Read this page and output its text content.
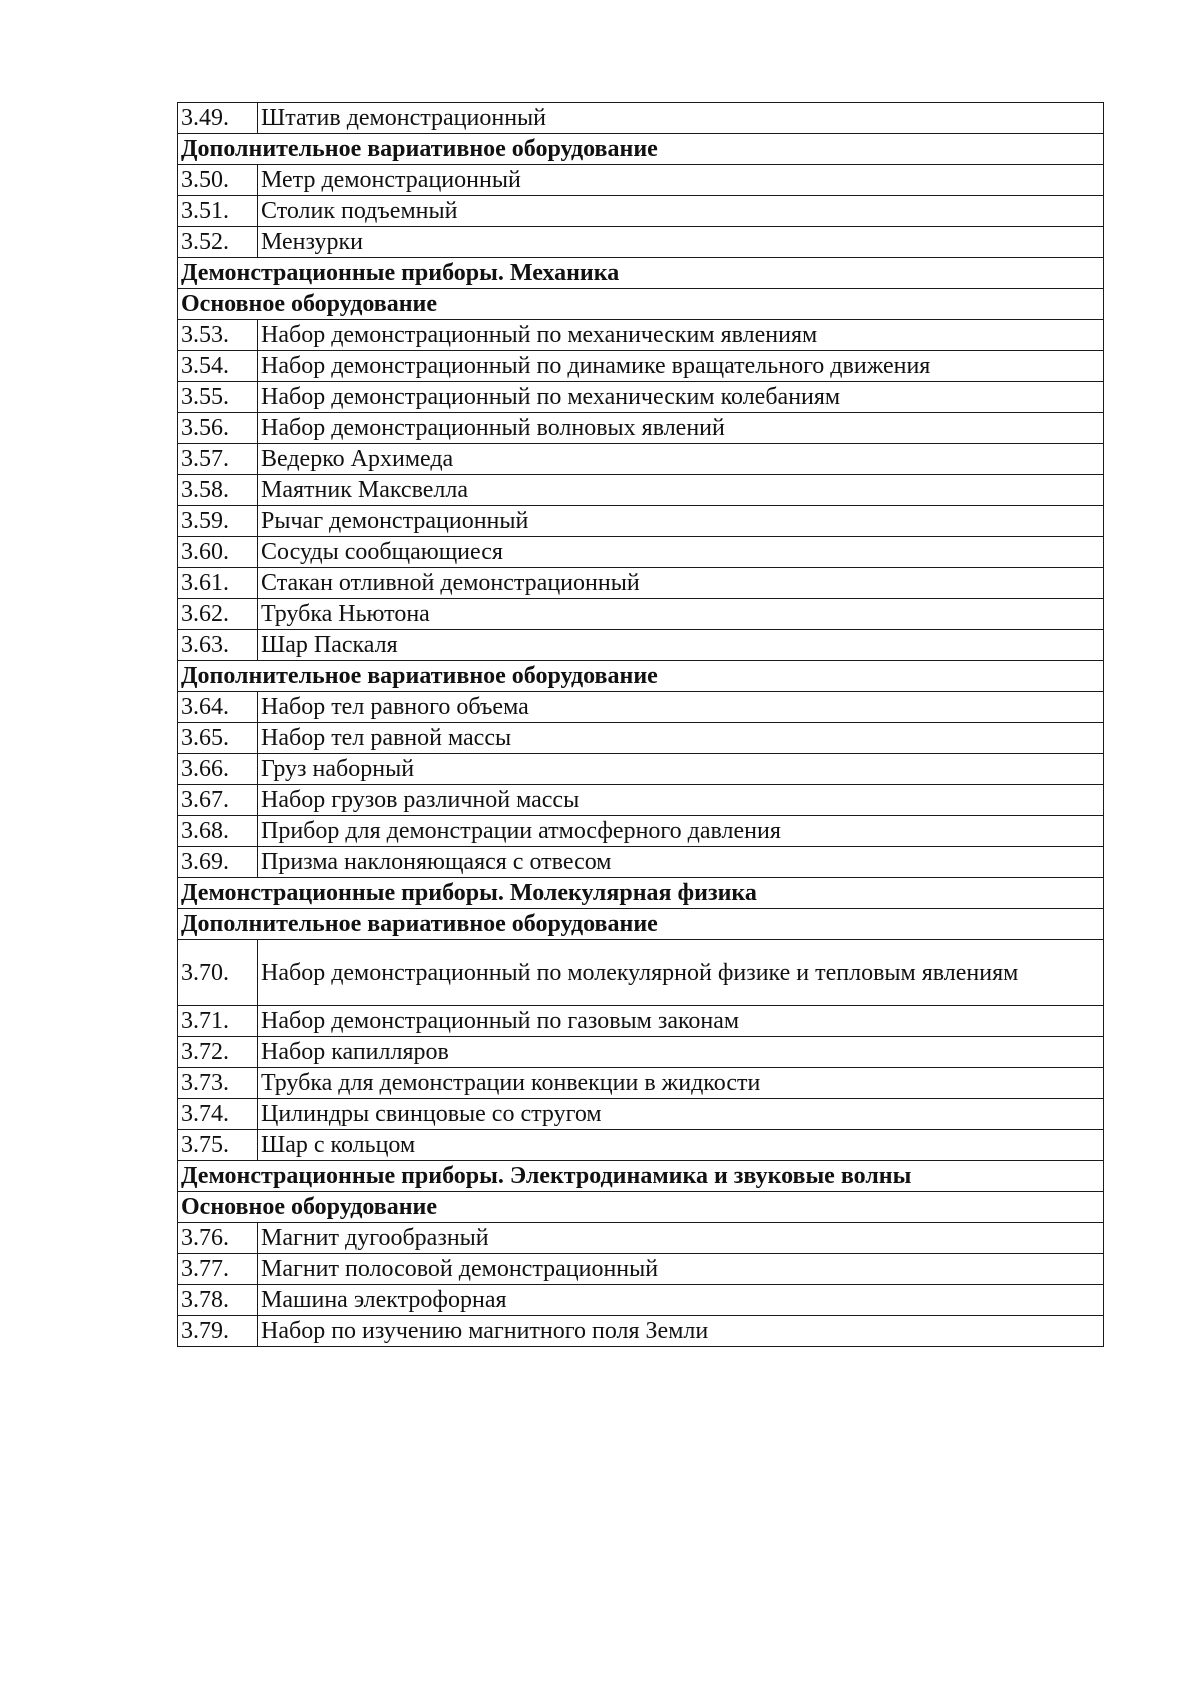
3.49.	Штатив демонстрационный
Дополнительное вариативное оборудование	
3.50.	Метр демонстрационный
3.51.	Столик подъемный
3.52.	Мензурки
Демонстрационные приборы. Механика	
Основное оборудование	
3.53.	Набор демонстрационный по механическим явлениям
3.54.	Набор демонстрационный по динамике вращательного движения
3.55.	Набор демонстрационный по механическим колебаниям
3.56.	Набор демонстрационный волновых явлений
3.57.	Ведерко Архимеда
3.58.	Маятник Максвелла
3.59.	Рычаг демонстрационный
3.60.	Сосуды сообщающиеся
3.61.	Стакан отливной демонстрационный
3.62.	Трубка Ньютона
3.63.	Шар Паскаля
Дополнительное вариативное оборудование	
3.64.	Набор тел равного объема
3.65.	Набор тел равной массы
3.66.	Груз наборный
3.67.	Набор грузов различной массы
3.68.	Прибор для демонстрации атмосферного давления
3.69.	Призма наклоняющаяся с отвесом
Демонстрационные приборы. Молекулярная физика	
Дополнительное вариативное оборудование	
3.70.	Набор демонстрационный по молекулярной физике и тепловым явлениям
3.71.	Набор демонстрационный по газовым законам
3.72.	Набор капилляров
3.73.	Трубка для демонстрации конвекции в жидкости
3.74.	Цилиндры свинцовые со стругом
3.75.	Шар с кольцом
Демонстрационные приборы. Электродинамика и звуковые волны	
Основное оборудование	
3.76.	Магнит дугообразный
3.77.	Магнит полосовой демонстрационный
3.78.	Машина электрофорная
3.79.	Набор по изучению магнитного поля Земли
